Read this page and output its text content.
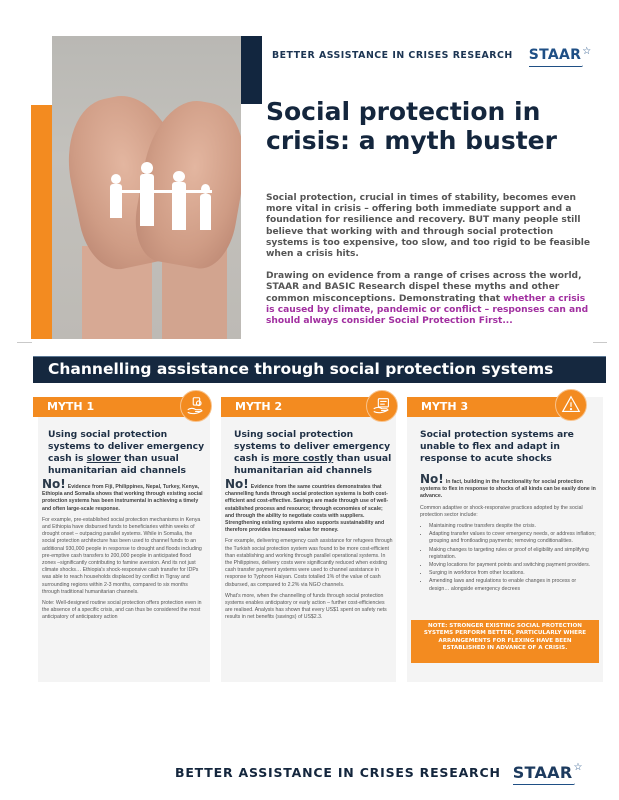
BETTER ASSISTANCE IN CRISES RESEARCH STAAR ☆
Social protection in crisis: a myth buster

Social protection, crucial in times of stability, becomes even more vital in crisis – offering both immediate support and a foundation for resilience and recovery. BUT many people still believe that working with and through social protection systems is too expensive, too slow, and too rigid to be feasible when a crisis hits.

Drawing on evidence from a range of crises across the world, STAAR and BASIC Research dispel these myths and other common misconceptions. Demonstrating that whether a crisis is caused by climate, pandemic or conflict – responses can and should always consider Social Protection First...

Channelling assistance through social protection systems
MYTH 1
Using social protection systems to deliver emergency cash is slower than usual humanitarian aid channels

No! Evidence from Fiji, Philippines, Nepal, Turkey, Kenya, Ethiopia and Somalia shows that working through existing social protection systems has been instrumental in achieving a timely and often large-scale response.

For example, pre-established social protection mechanisms in Kenya and Ethiopia have disbursed funds to beneficiaries within weeks of drought onset – outpacing parallel systems. While in Somalia, the social protection architecture has been used to channel funds to an additional 930,000 people in response to drought and floods including pre-emptive cash transfers to 200,000 people in anticipated flood zones –significantly contributing to famine aversion. And its not just climate shocks… Ethiopia's shock-responsive cash transfer for IDPs was able to reach households displaced by conflict in Tigray and surrounding regions within 2-3 months, compared to six months through traditional humanitarian channels.

Note: Well-designed routine social protection offers protection even in the absence of a specific crisis, and can thus be considered the most anticipatory of anticipatory action

MYTH 2
Using social protection systems to deliver emergency cash is more costly than usual humanitarian aid channels

No! Evidence from the same countries demonstrates that channelling funds through social protection systems is both cost-efficient and cost-effective. Savings are made through use of well-established process and resource; through economies of scale; and through the ability to negotiate costs with suppliers. Strengthening existing systems also supports sustainability and therefore provides increased value for money.

For example, delivering emergency cash assistance for refugees through the Turkish social protection system was found to be more cost-efficient than establishing and working through parallel operational systems. In the Philippines, delivery costs were significantly reduced when existing cash transfer payment systems were used to channel assistance in response to Typhoon Haiyan. Costs totalled 1% of the value of cash disbursed, as compared to 2.2% via NGO channels.

What's more, when the channelling of funds through social protection systems enables anticipatory or early action – further cost-efficiencies are realised. Analysis has shown that every US$1 spent on safety nets results in net benefits (savings) of US$2.3.

MYTH 3
Social protection systems are unable to flex and adapt in response to acute shocks

No! In fact, building in the functionality for social protection systems to flex in response to shocks of all kinds can be easily done in advance.

Common adaptive or shock-responsive practices adopted by the social protection sector include:

• Maintaining routine transfers despite the crisis.
• Adapting transfer values to cover emergency needs, or address inflation; grouping and frontloading payments; removing conditionalities.
• Making changes to targeting rules or proof of eligibility and simplifying registration.
• Moving locations for payment points and switching payment providers.
• Surging in workforce from other locations.
• Amending laws and regulations to enable changes in process or design… alongside emergency decrees
NOTE: STRONGER EXISTING SOCIAL PROTECTION SYSTEMS PERFORM BETTER, PARTICULARLY WHERE ARRANGEMENTS FOR FLEXING HAVE BEEN ESTABLISHED IN ADVANCE OF A CRISIS.
BETTER ASSISTANCE IN CRISES RESEARCH STAAR ☆
